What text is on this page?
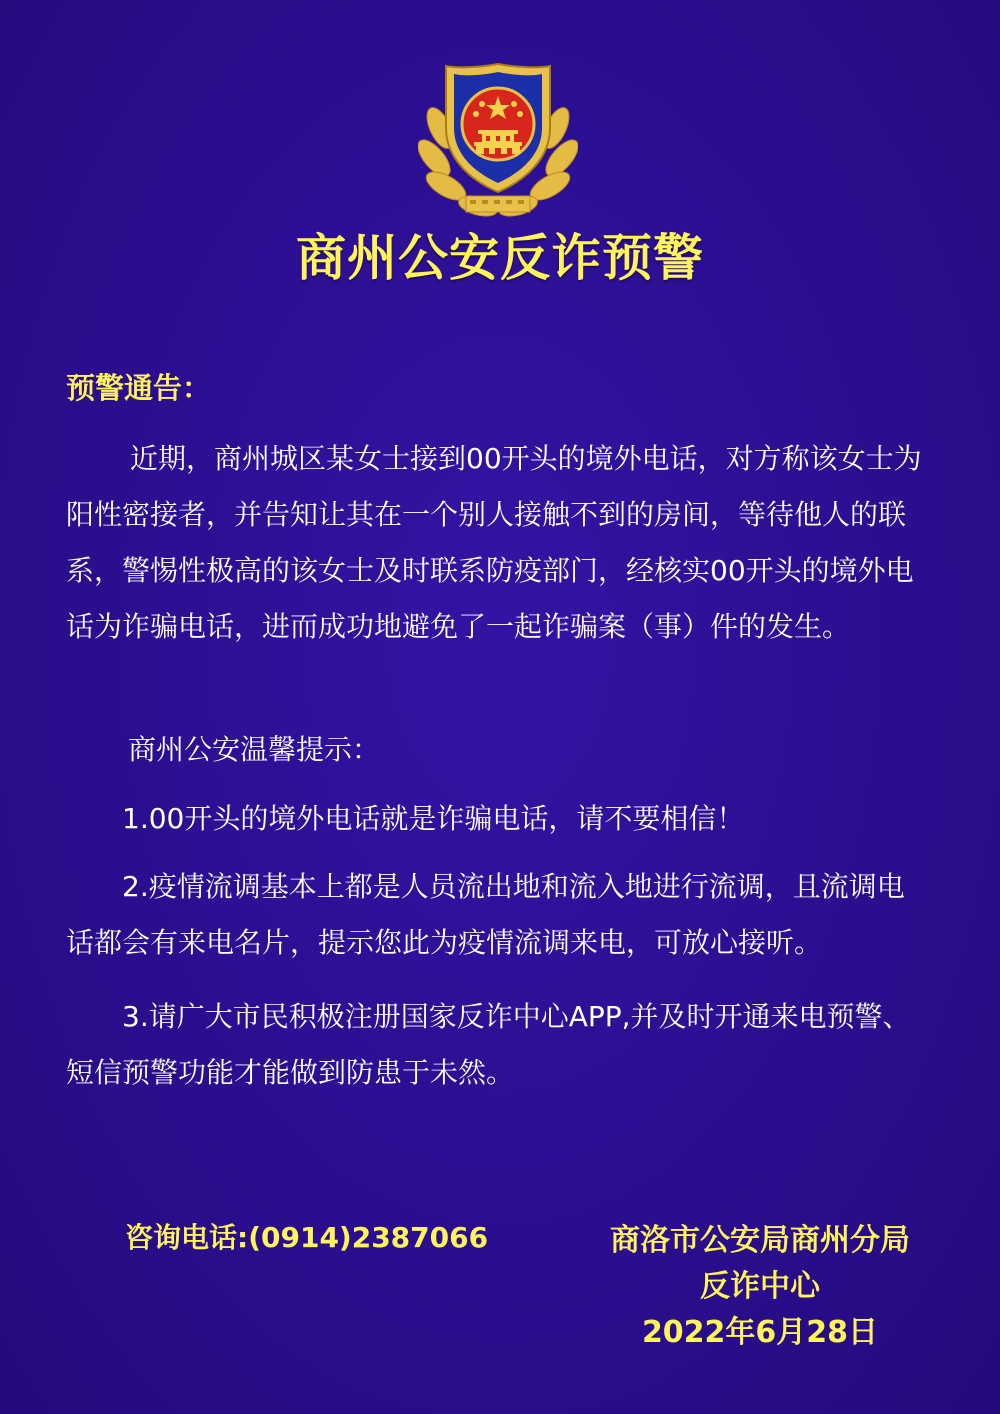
商州公安反诈预警
预警通告：
近期，商州城区某女士接到00开头的境外电话，对方称该女士为阳性密接者，并告知让其在一个别人接触不到的房间，等待他人的联系，警惕性极高的该女士及时联系防疫部门，经核实00开头的境外电话为诈骗电话，进而成功地避免了一起诈骗案（事）件的发生。
商州公安温馨提示：
1.00开头的境外电话就是诈骗电话，请不要相信！
2.疫情流调基本上都是人员流出地和流入地进行流调，且流调电话都会有来电名片，提示您此为疫情流调来电，可放心接听。
3.请广大市民积极注册国家反诈中心APP,并及时开通来电预警、短信预警功能才能做到防患于未然。
咨询电话:(0914)2387066	商洛市公安局商州分局
反诈中心
2022年6月28日
